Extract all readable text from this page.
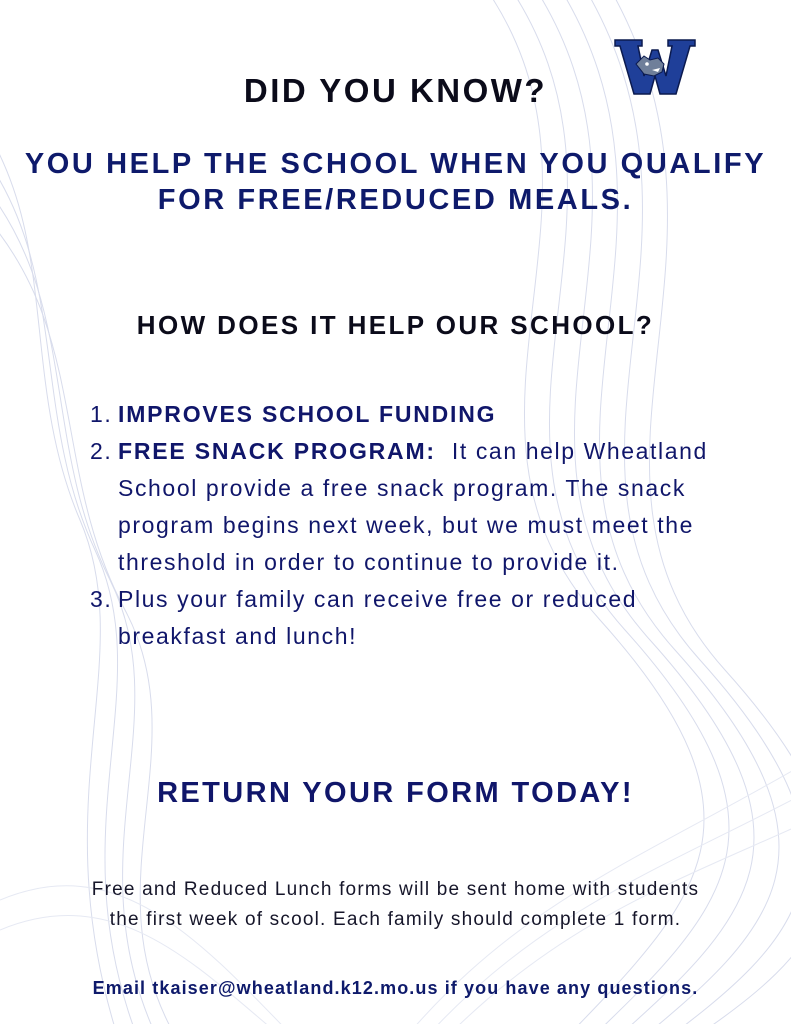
DID YOU KNOW?
YOU HELP THE SCHOOL WHEN YOU QUALIFY FOR FREE/REDUCED MEALS.
HOW DOES IT HELP OUR SCHOOL?
1. IMPROVES SCHOOL FUNDING
2. FREE SNACK PROGRAM: It can help Wheatland School provide a free snack program. The snack program begins next week, but we must meet the threshold in order to continue to provide it.
3. Plus your family can receive free or reduced breakfast and lunch!
RETURN YOUR FORM TODAY!

Free and Reduced Lunch forms will be sent home with students the first week of scool. Each family should complete 1 form.

Email tkaiser@wheatland.k12.mo.us if you have any questions.
